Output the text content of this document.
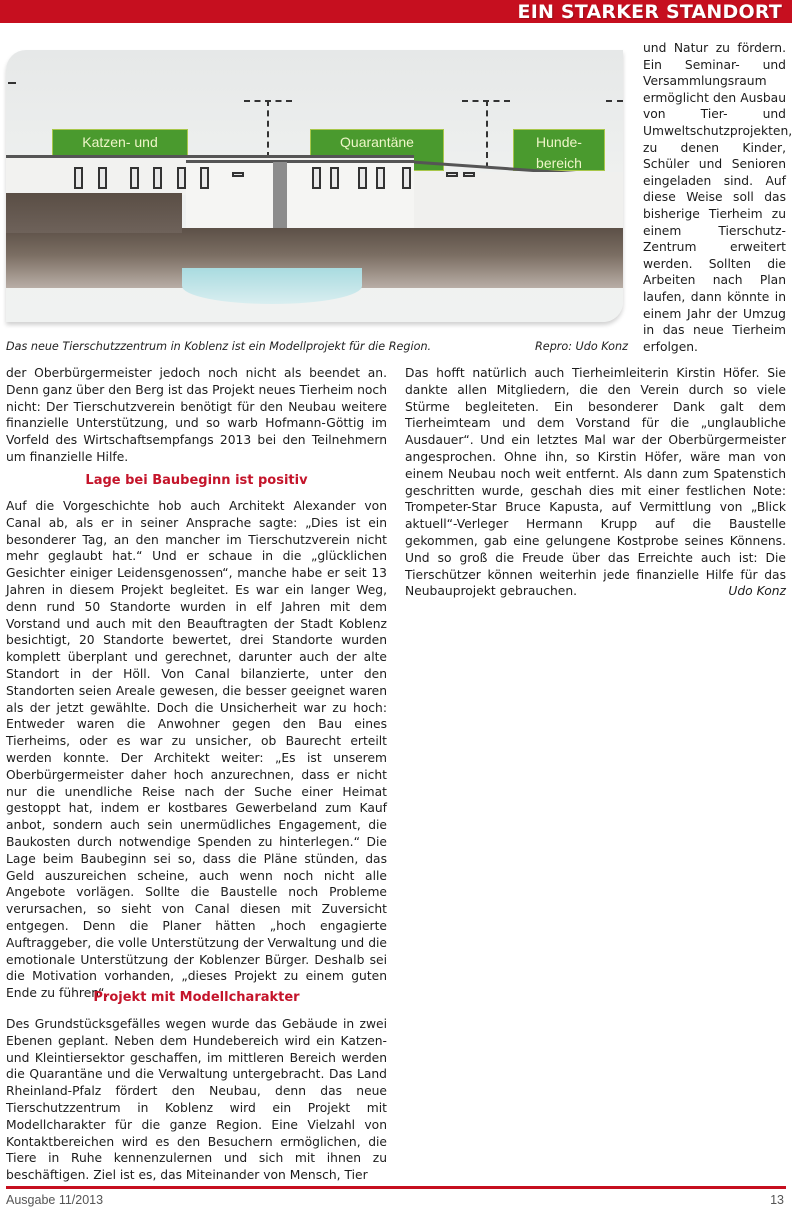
EIN STARKER STANDORT
Katzen- und	Quarantäne	Hunde-
bereich
Das neue Tierschutzzentrum in Koblenz ist ein Modellprojekt für die Region.	Repro: Udo Konz

und Natur zu fördern. Ein Seminar- und Versammlungsraum ermöglicht den Ausbau von Tier- und Umweltschutzprojekten, zu denen Kinder, Schüler und Senioren eingeladen sind. Auf diese Weise soll das bisherige Tierheim zu einem Tierschutz-Zentrum erweitert werden. Sollten die Arbeiten nach Plan laufen, dann könnte in einem Jahr der Umzug in das neue Tierheim erfolgen.

der Oberbürgermeister jedoch noch nicht als beendet an. Denn ganz über den Berg ist das Projekt neues Tierheim noch nicht: Der Tierschutzverein benötigt für den Neubau weitere finanzielle Unterstützung, und so warb Hofmann-Göttig im Vorfeld des Wirtschaftsempfangs 2013 bei den Teilnehmern um finanzielle Hilfe.

Lage bei Baubeginn ist positiv

Auf die Vorgeschichte hob auch Architekt Alexander von Canal ab, als er in seiner Ansprache sagte: „Dies ist ein besonderer Tag, an den mancher im Tierschutzverein nicht mehr geglaubt hat.“ Und er schaue in die „glücklichen Gesichter einiger Leidensgenossen“, manche habe er seit 13 Jahren in diesem Projekt begleitet. Es war ein langer Weg, denn rund 50 Standorte wurden in elf Jahren mit dem Vorstand und auch mit den Beauftragten der Stadt Koblenz besichtigt, 20 Standorte bewertet, drei Standorte wurden komplett überplant und gerechnet, darunter auch der alte Standort in der Höll. Von Canal bilanzierte, unter den Standorten seien Areale gewesen, die besser geeignet waren als der jetzt gewählte. Doch die Unsicherheit war zu hoch: Entweder waren die Anwohner gegen den Bau eines Tierheims, oder es war zu unsicher, ob Baurecht erteilt werden konnte. Der Architekt weiter: „Es ist unserem Oberbürgermeister daher hoch anzurechnen, dass er nicht nur die unendliche Reise nach der Suche einer Heimat gestoppt hat, indem er kostbares Gewerbeland zum Kauf anbot, sondern auch sein unermüdliches Engagement, die Baukosten durch notwendige Spenden zu hinterlegen.“ Die Lage beim Baubeginn sei so, dass die Pläne stünden, das Geld auszureichen scheine, auch wenn noch nicht alle Angebote vorlägen. Sollte die Baustelle noch Probleme verursachen, so sieht von Canal diesen mit Zuversicht entgegen. Denn die Planer hätten „hoch engagierte Auftraggeber, die volle Unterstützung der Verwaltung und die emotionale Unterstützung der Koblenzer Bürger. Deshalb sei die Motivation vorhanden, „dieses Projekt zu einem guten Ende zu führen“.

Projekt mit Modellcharakter

Des Grundstücksgefälles wegen wurde das Gebäude in zwei Ebenen geplant. Neben dem Hundebereich wird ein Katzen- und Kleintiersektor geschaffen, im mittleren Bereich werden die Quarantäne und die Verwaltung untergebracht. Das Land Rheinland-Pfalz fördert den Neubau, denn das neue Tierschutzzentrum in Koblenz wird ein Projekt mit Modellcharakter für die ganze Region. Eine Vielzahl von Kontaktbereichen wird es den Besuchern ermöglichen, die Tiere in Ruhe kennenzulernen und sich mit ihnen zu beschäftigen. Ziel ist es, das Miteinander von Mensch, Tier

Das hofft natürlich auch Tierheimleiterin Kirstin Höfer. Sie dankte allen Mitgliedern, die den Verein durch so viele Stürme begleiteten. Ein besonderer Dank galt dem Tierheimteam und dem Vorstand für die „unglaubliche Ausdauer“. Und ein letztes Mal war der Oberbürgermeister angesprochen. Ohne ihn, so Kirstin Höfer, wäre man von einem Neubau noch weit entfernt. Als dann zum Spatenstich geschritten wurde, geschah dies mit einer festlichen Note: Trompeter-Star Bruce Kapusta, auf Vermittlung von „Blick aktuell“-Verleger Hermann Krupp auf die Baustelle gekommen, gab eine gelungene Kostprobe seines Könnens. Und so groß die Freude über das Erreichte auch ist: Die Tierschützer können weiterhin jede finanzielle Hilfe für das Neubauprojekt gebrauchen.	Udo Konz

Ausgabe 11/2013	13
